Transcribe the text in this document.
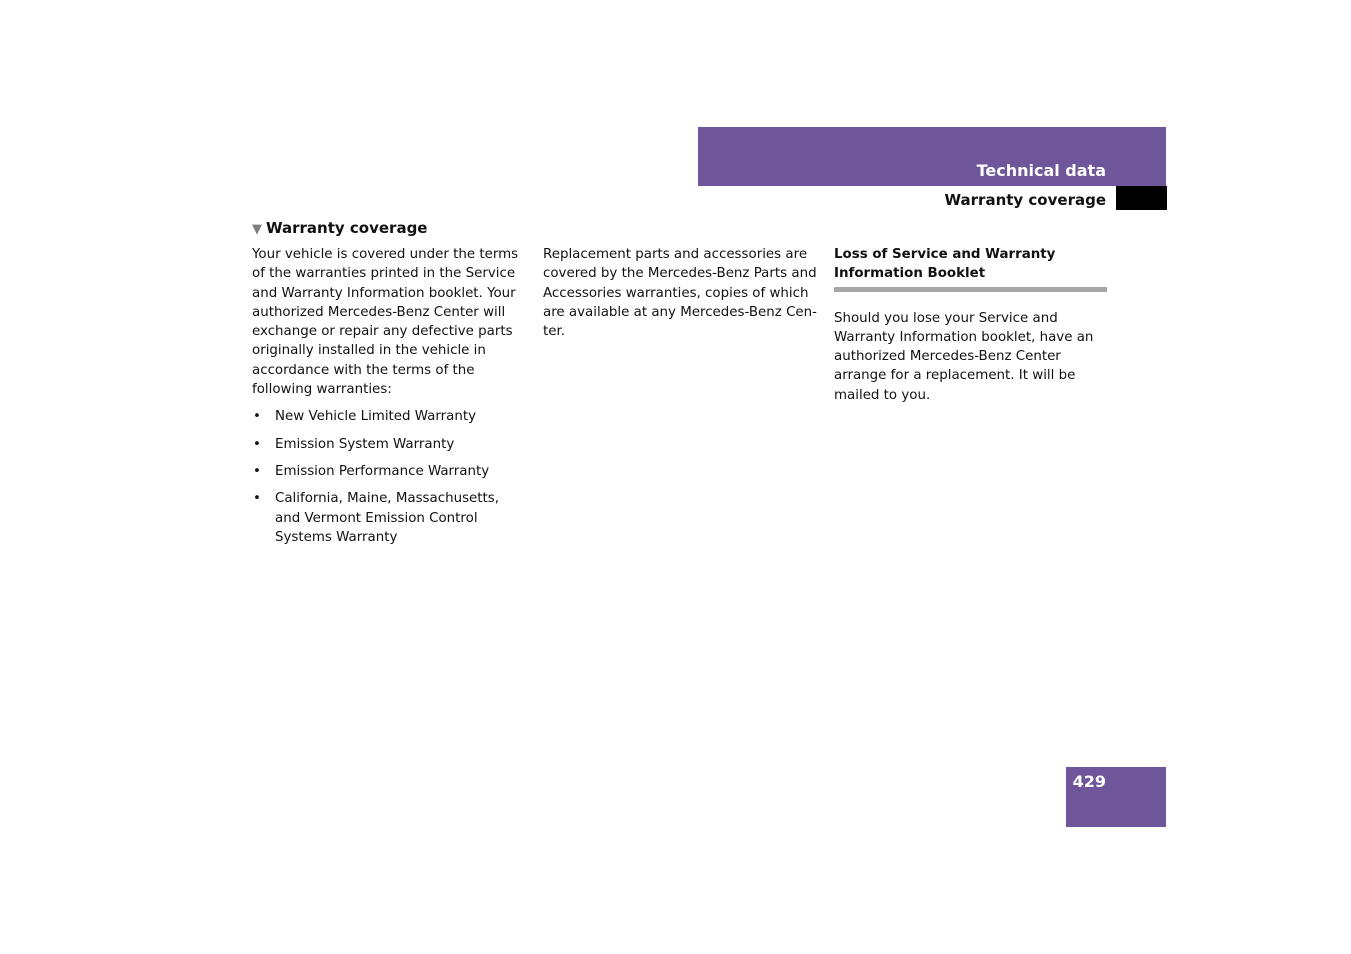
Technical data
Warranty coverage
▼ Warranty coverage

Your vehicle is covered under the terms of the warranties printed in the Service and Warranty Information booklet. Your authorized Mercedes-Benz Center will exchange or repair any defective parts originally installed in the vehicle in accordance with the terms of the following warranties:

• New Vehicle Limited Warranty
• Emission System Warranty
• Emission Performance Warranty
• California, Maine, Massachusetts, and Vermont Emission Control Systems Warranty

Replacement parts and accessories are covered by the Mercedes-Benz Parts and Accessories warranties, copies of which are available at any Mercedes-Benz Center.

Loss of Service and Warranty Information Booklet

Should you lose your Service and Warranty Information booklet, have an authorized Mercedes-Benz Center arrange for a replacement. It will be mailed to you.

429
